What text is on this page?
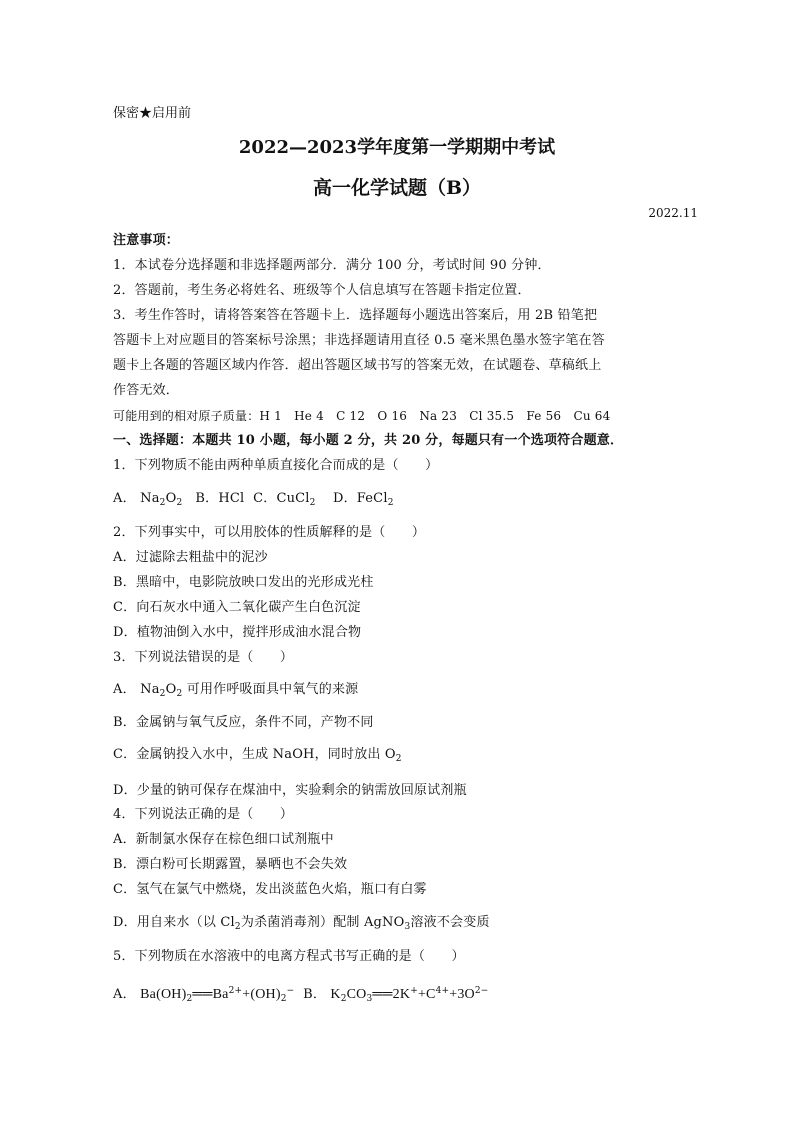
保密★启用前
2022—2023学年度第一学期期中考试
高一化学试题（B）
2022.11
注意事项：
1．本试卷分选择题和非选择题两部分．满分 100 分，考试时间 90 分钟．
2．答题前，考生务必将姓名、班级等个人信息填写在答题卡指定位置．
3．考生作答时，请将答案答在答题卡上．选择题每小题选出答案后，用 2B 铅笔把
答题卡上对应题目的答案标号涂黑；非选择题请用直径 0.5 毫米黑色墨水签字笔在答
题卡上各题的答题区域内作答．超出答题区域书写的答案无效，在试题卷、草稿纸上
作答无效．
可能用到的相对原子质量：H 1　He 4　C 12　O 16　Na 23　Cl 35.5　Fe 56　Cu 64
一、选择题：本题共 10 小题，每小题 2 分，共 20 分，每题只有一个选项符合题意．
1．下列物质不能由两种单质直接化合而成的是（　　）
A． $Na_2O_2$ B．HCl C．CuCl$_2$ D．FeCl$_2$
2．下列事实中，可以用胶体的性质解释的是（　　）
A．过滤除去粗盐中的泥沙
B．黑暗中，电影院放映口发出的光形成光柱
C．向石灰水中通入二氧化碳产生白色沉淀
D．植物油倒入水中，搅拌形成油水混合物
3．下列说法错误的是（　　）
A． $Na_2O_2$ 可用作呼吸面具中氧气的来源
B．金属钠与氧气反应，条件不同，产物不同
C．金属钠投入水中，生成 NaOH，同时放出 $O_2$
D．少量的钠可保存在煤油中，实验剩余的钠需放回原试剂瓶
4．下列说法正确的是（　　）
A．新制氯水保存在棕色细口试剂瓶中
B．漂白粉可长期露置，暴晒也不会失效
C．氢气在氯气中燃烧，发出淡蓝色火焰，瓶口有白雾
D．用自来水（以 $Cl_2$为杀菌消毒剂）配制 AgNO$_3$溶液不会变质
5．下列物质在水溶液中的电离方程式书写正确的是（　　）
A． $Ba(OH)_2══Ba^{2+}+(OH)_2^-$ B． $K_2CO_3══2K^++C^{4+}+3O^{2-}$
